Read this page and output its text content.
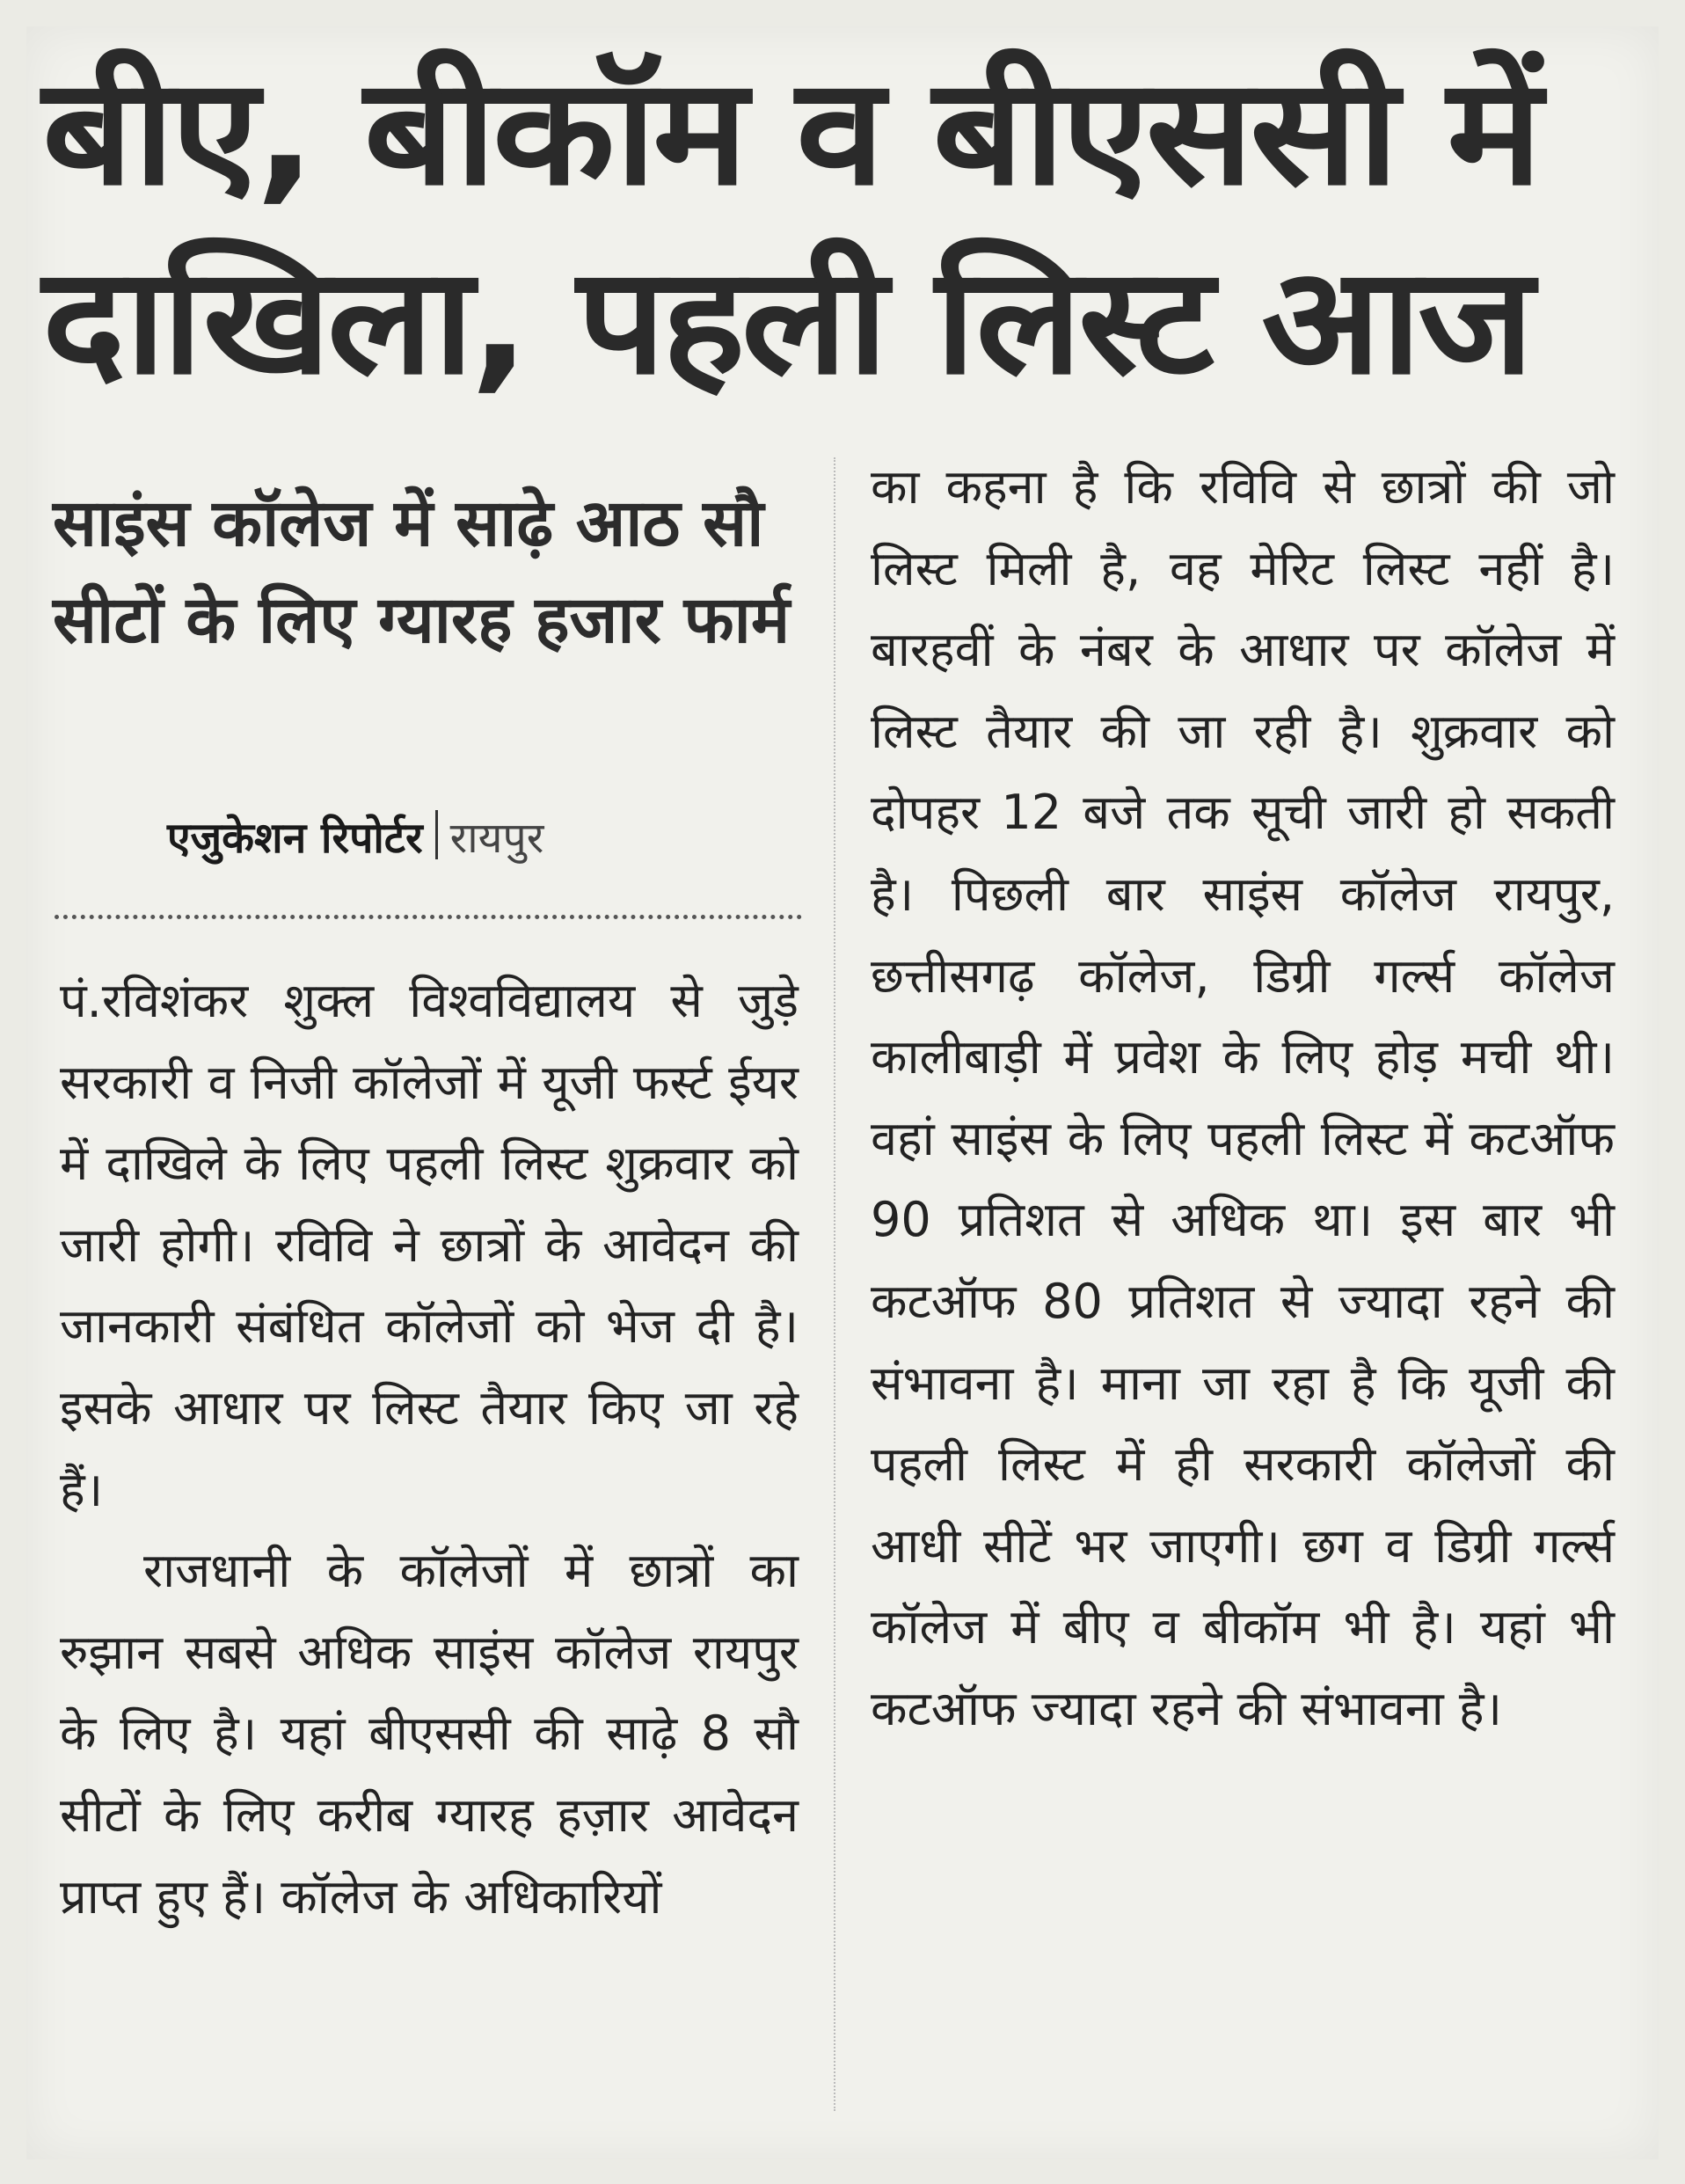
बीए, बीकॉम व बीएससी में
दाखिला, पहली लिस्ट आज
साइंस कॉलेज में साढ़े आठ सौ सीटों के लिए ग्यारह हजार फार्म
एजुकेशन रिपोर्टर रायपुर

पं.रविशंकर शुक्ल विश्वविद्यालय से जुड़े सरकारी व निजी कॉलेजों में यूजी फर्स्ट ईयर में दाखिले के लिए पहली लिस्ट शुक्रवार को जारी होगी। रविवि ने छात्रों के आवेदन की जानकारी संबंधित कॉलेजों को भेज दी है। इसके आधार पर लिस्ट तैयार किए जा रहे हैं।

राजधानी के कॉलेजों में छात्रों का रुझान सबसे अधिक साइंस कॉलेज रायपुर के लिए है। यहां बीएससी की साढ़े 8 सौ सीटों के लिए करीब ग्यारह हज़ार आवेदन प्राप्त हुए हैं। कॉलेज के अधिकारियों

का कहना है कि रविवि से छात्रों की जो लिस्ट मिली है, वह मेरिट लिस्ट नहीं है। बारहवीं के नंबर के आधार पर कॉलेज में लिस्ट तैयार की जा रही है। शुक्रवार को दोपहर 12 बजे तक सूची जारी हो सकती है। पिछली बार साइंस कॉलेज रायपुर, छत्तीसगढ़ कॉलेज, डिग्री गर्ल्स कॉलेज कालीबाड़ी में प्रवेश के लिए होड़ मची थी। वहां साइंस के लिए पहली लिस्ट में कटऑफ 90 प्रतिशत से अधिक था। इस बार भी कटऑफ 80 प्रतिशत से ज्यादा रहने की संभावना है। माना जा रहा है कि यूजी की पहली लिस्ट में ही सरकारी कॉलेजों की आधी सीटें भर जाएगी। छग व डिग्री गर्ल्स कॉलेज में बीए व बीकॉम भी है। यहां भी कटऑफ ज्यादा रहने की संभावना है।
